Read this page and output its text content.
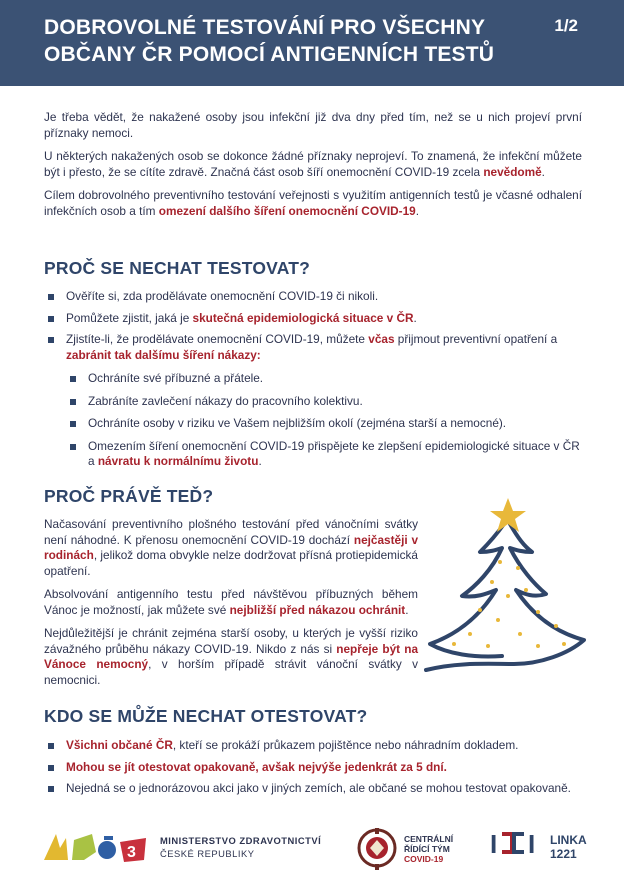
DOBROVOLNÉ TESTOVÁNÍ PRO VŠECHNY
OBČANY ČR POMOCÍ ANTIGENNÍCH TESTŮ
1/2

Je třeba vědět, že nakažené osoby jsou infekční již dva dny před tím, než se u nich projeví první příznaky nemoci.

U některých nakažených osob se dokonce žádné příznaky neprojeví. To znamená, že infekční můžete být i přesto, že se cítíte zdravě. Značná část osob šíří onemocnění COVID-19 zcela nevědomě.

Cílem dobrovolného preventivního testování veřejnosti s využitím antigenních testů je včasné odhalení infekčních osob a tím omezení dalšího šíření onemocnění COVID-19.

PROČ SE NECHAT TESTOVAT?
Ověříte si, zda prodělávate onemocnění COVID-19 či nikoli.
Pomůžete zjistit, jaká je skutečná epidemiologická situace v ČR.
Zjistíte-li, že prodělávate onemocnění COVID-19, můžete včas přijmout preventivní opatření a zabránit tak dalšímu šíření nákazy:
Ochráníte své příbuzné a přátele.
Zabráníte zavlečení nákazy do pracovního kolektivu.
Ochráníte osoby v riziku ve Vašem nejbližším okolí (zejména starší a nemocné).
Omezením šíření onemocnění COVID-19 přispějete ke zlepšení epidemiologické situace v ČR a návratu k normálnímu životu.
PROČ PRÁVĚ TEĎ?

Načasování preventivního plošného testování před vánočními svátky není náhodné. K přenosu onemocnění COVID-19 dochází nejčastěji v rodinách, jelikož doma obvykle nelze dodržovat přísná protiepidemická opatření.

Absolvování antigenního testu před návštěvou příbuzných během Vánoc je možností, jak můžete své nejbližší před nákazou ochránit.

Nejdůležitější je chránit zejména starší osoby, u kterých je vyšší riziko závažného průběhu nákazy COVID-19. Nikdo z nás si nepřeje být na Vánoce nemocný, v horším případě strávit vánoční svátky v nemocnici.

KDO SE MŮŽE NECHAT OTESTOVAT?
Všichni občané ČR, kteří se prokáží průkazem pojištěnce nebo náhradním dokladem.
Mohou se jít otestovat opakovaně, avšak nejvýše jedenkrát za 5 dní.
Nejedná se o jednorázovou akci jako v jiných zemích, ale občané se mohou testovat opakovaně.
3
MINISTERSTVO ZDRAVOTNICTVÍ
ČESKÉ REPUBLIKY
CENTRÁLNÍ
ŘÍDÍCÍ TÝM
COVID-19	I I LINKA
1221
